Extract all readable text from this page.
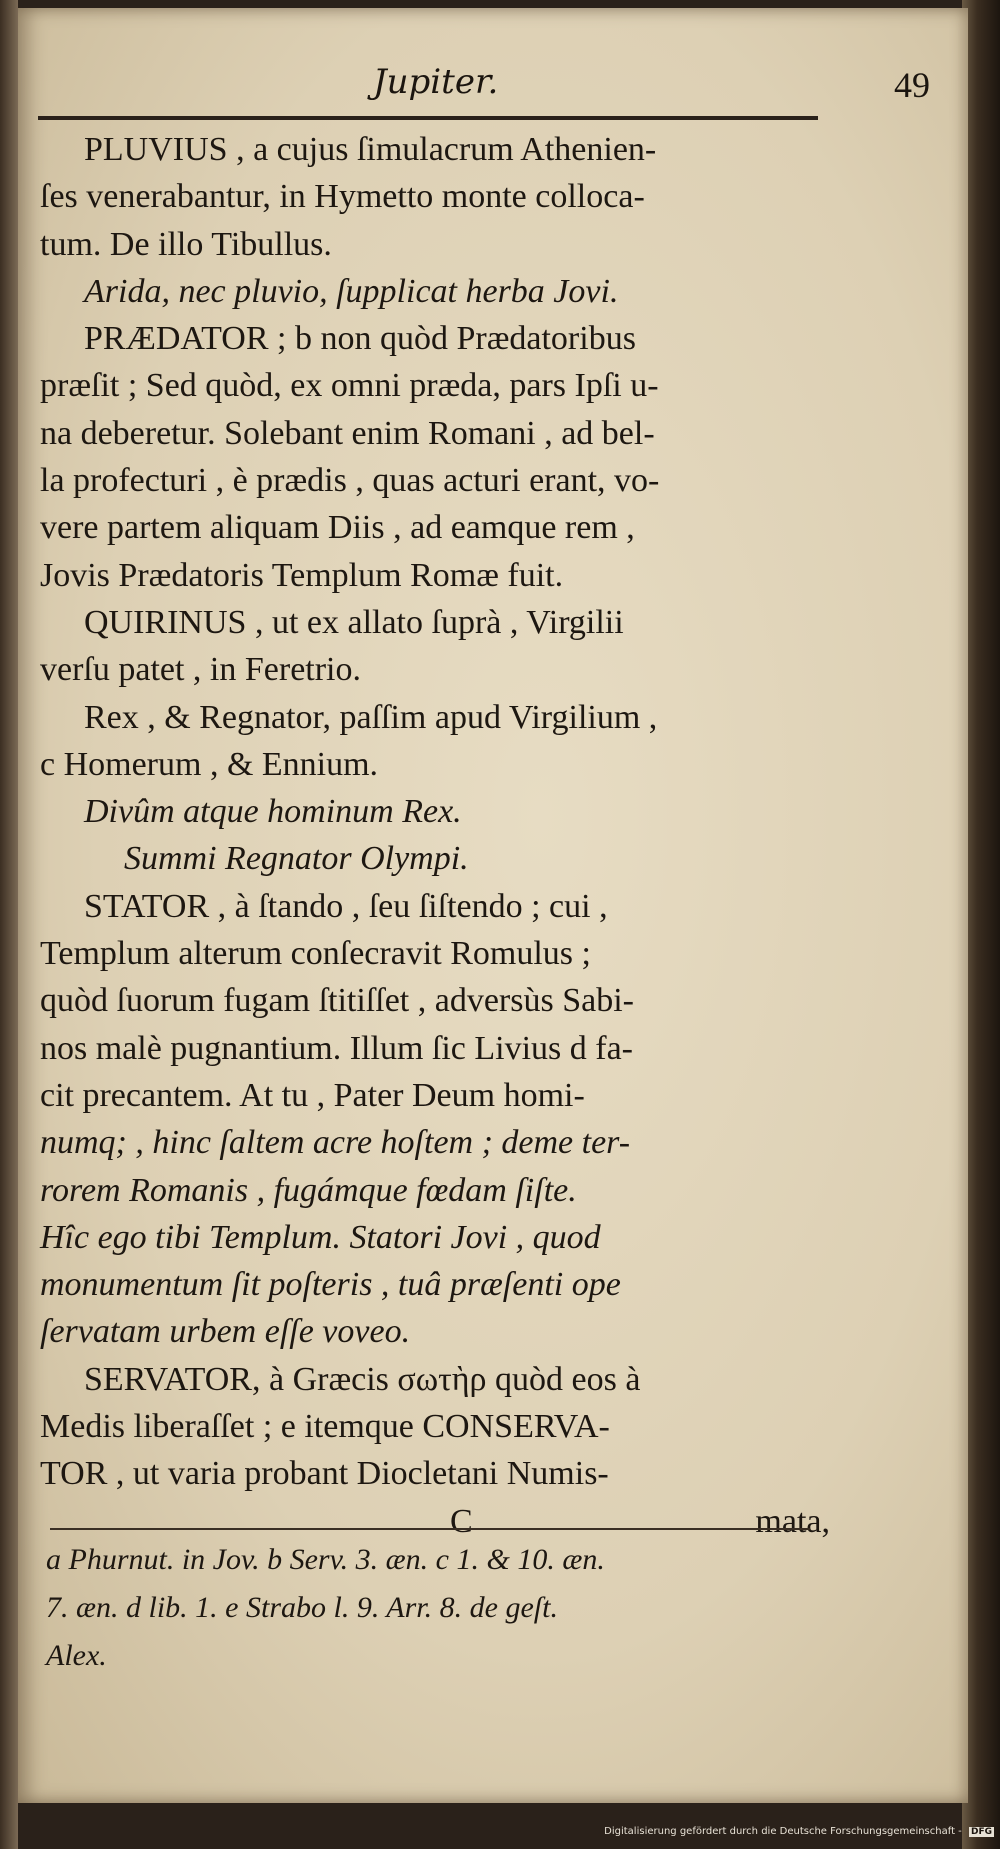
Jupiter.	49
PLUVIUS , a cujus ſimulacrum Athenien-
ſes venerabantur, in Hymetto monte colloca-
tum. De illo Tibullus.
Arida, nec pluvio, ſupplicat herba Jovi.
PRÆDATOR ; b non quòd Prædatoribus
præſit ; Sed quòd, ex omni præda, pars Ipſi u-
na deberetur. Solebant enim Romani , ad bel-
la profecturi , è prædis , quas acturi erant, vo-
vere partem aliquam Diis , ad eamque rem ,
Jovis Prædatoris Templum Romæ fuit.
QUIRINUS , ut ex allato ſuprà , Virgilii
verſu patet , in Feretrio.
Rex , & Regnator, paſſim apud Virgilium ,
c Homerum , & Ennium.
Divûm atque hominum Rex.
Summi Regnator Olympi.
STATOR , à ſtando , ſeu ſiſtendo ; cui ,
Templum alterum conſecravit Romulus ;
quòd ſuorum fugam ſtitiſſet , adversùs Sabi-
nos malè pugnantium. Illum ſic Livius d fa-
cit precantem. At tu , Pater Deum homi-
numq; , hinc ſaltem acre hoſtem ; deme ter-
rorem Romanis , fugámque fœdam ſiſte.
Hîc ego tibi Templum. Statori Jovi , quod
monumentum ſit poſteris , tuâ præſenti ope
ſervatam urbem eſſe voveo.
SERVATOR, à Græcis σωτὴρ quòd eos à
Medis liberaſſet ; e itemque CONSERVA-
TOR , ut varia probant Diocletani Numis-
C	mata,
a Phurnut. in Jov. b Serv. 3. æn. c 1. & 10. æn.
7. æn. d lib. 1. e Strabo l. 9. Arr. 8. de geſt.
Alex.
Digitalisierung gefördert durch die Deutsche Forschungsgemeinschaft - DFG
